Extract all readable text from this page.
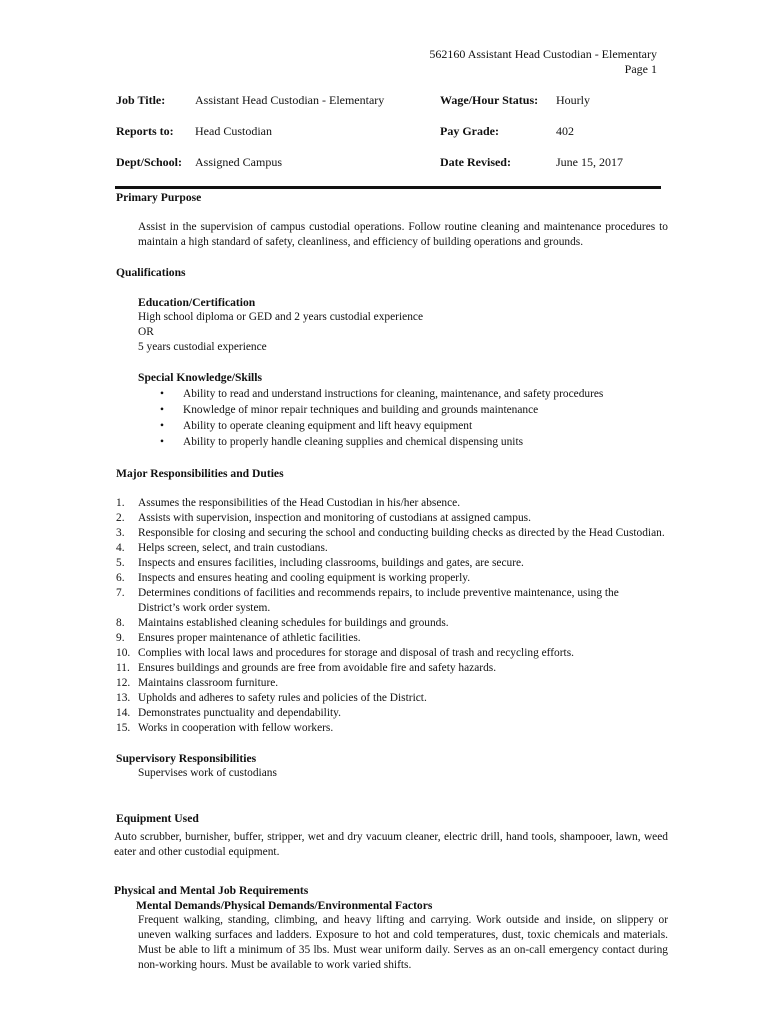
562160 Assistant Head Custodian - Elementary
Page 1
Job Title: Assistant Head Custodian - Elementary	Wage/Hour Status: Hourly
Reports to: Head Custodian	Pay Grade:	402
Dept/School: Assigned Campus	Date Revised:	June 15, 2017
Primary Purpose
Assist in the supervision of campus custodial operations. Follow routine cleaning and maintenance procedures to maintain a high standard of safety, cleanliness, and efficiency of building operations and grounds.
Qualifications
Education/Certification
High school diploma or GED and 2 years custodial experience
OR
5 years custodial experience
Special Knowledge/Skills
• Ability to read and understand instructions for cleaning, maintenance, and safety procedures
• Knowledge of minor repair techniques and building and grounds maintenance
• Ability to operate cleaning equipment and lift heavy equipment
• Ability to properly handle cleaning supplies and chemical dispensing units
Major Responsibilities and Duties
1.	Assumes the responsibilities of the Head Custodian in his/her absence.
2.	Assists with supervision, inspection and monitoring of custodians at assigned campus.
3.	Responsible for closing and securing the school and conducting building checks as directed by the Head Custodian.
4.	Helps screen, select, and train custodians.
5.	Inspects and ensures facilities, including classrooms, buildings and gates, are secure.
6.	Inspects and ensures heating and cooling equipment is working properly.
7.	Determines conditions of facilities and recommends repairs, to include preventive maintenance, using the District’s work order system.
8.	Maintains established cleaning schedules for buildings and grounds.
9.	Ensures proper maintenance of athletic facilities.
10. Complies with local laws and procedures for storage and disposal of trash and recycling efforts.
11. Ensures buildings and grounds are free from avoidable fire and safety hazards.
12. Maintains classroom furniture.
13. Upholds and adheres to safety rules and policies of the District.
14. Demonstrates punctuality and dependability.
15. Works in cooperation with fellow workers.
Supervisory Responsibilities
Supervises work of custodians
Equipment Used
Auto scrubber, burnisher, buffer, stripper, wet and dry vacuum cleaner, electric drill, hand tools, shampooer, lawn, weed eater and other custodial equipment.
Physical and Mental Job Requirements
Mental Demands/Physical Demands/Environmental Factors
Frequent walking, standing, climbing, and heavy lifting and carrying. Work outside and inside, on slippery or uneven walking surfaces and ladders. Exposure to hot and cold temperatures, dust, toxic chemicals and materials. Must be able to lift a minimum of 35 lbs. Must wear uniform daily. Serves as an on-call emergency contact during non-working hours. Must be available to work varied shifts.
